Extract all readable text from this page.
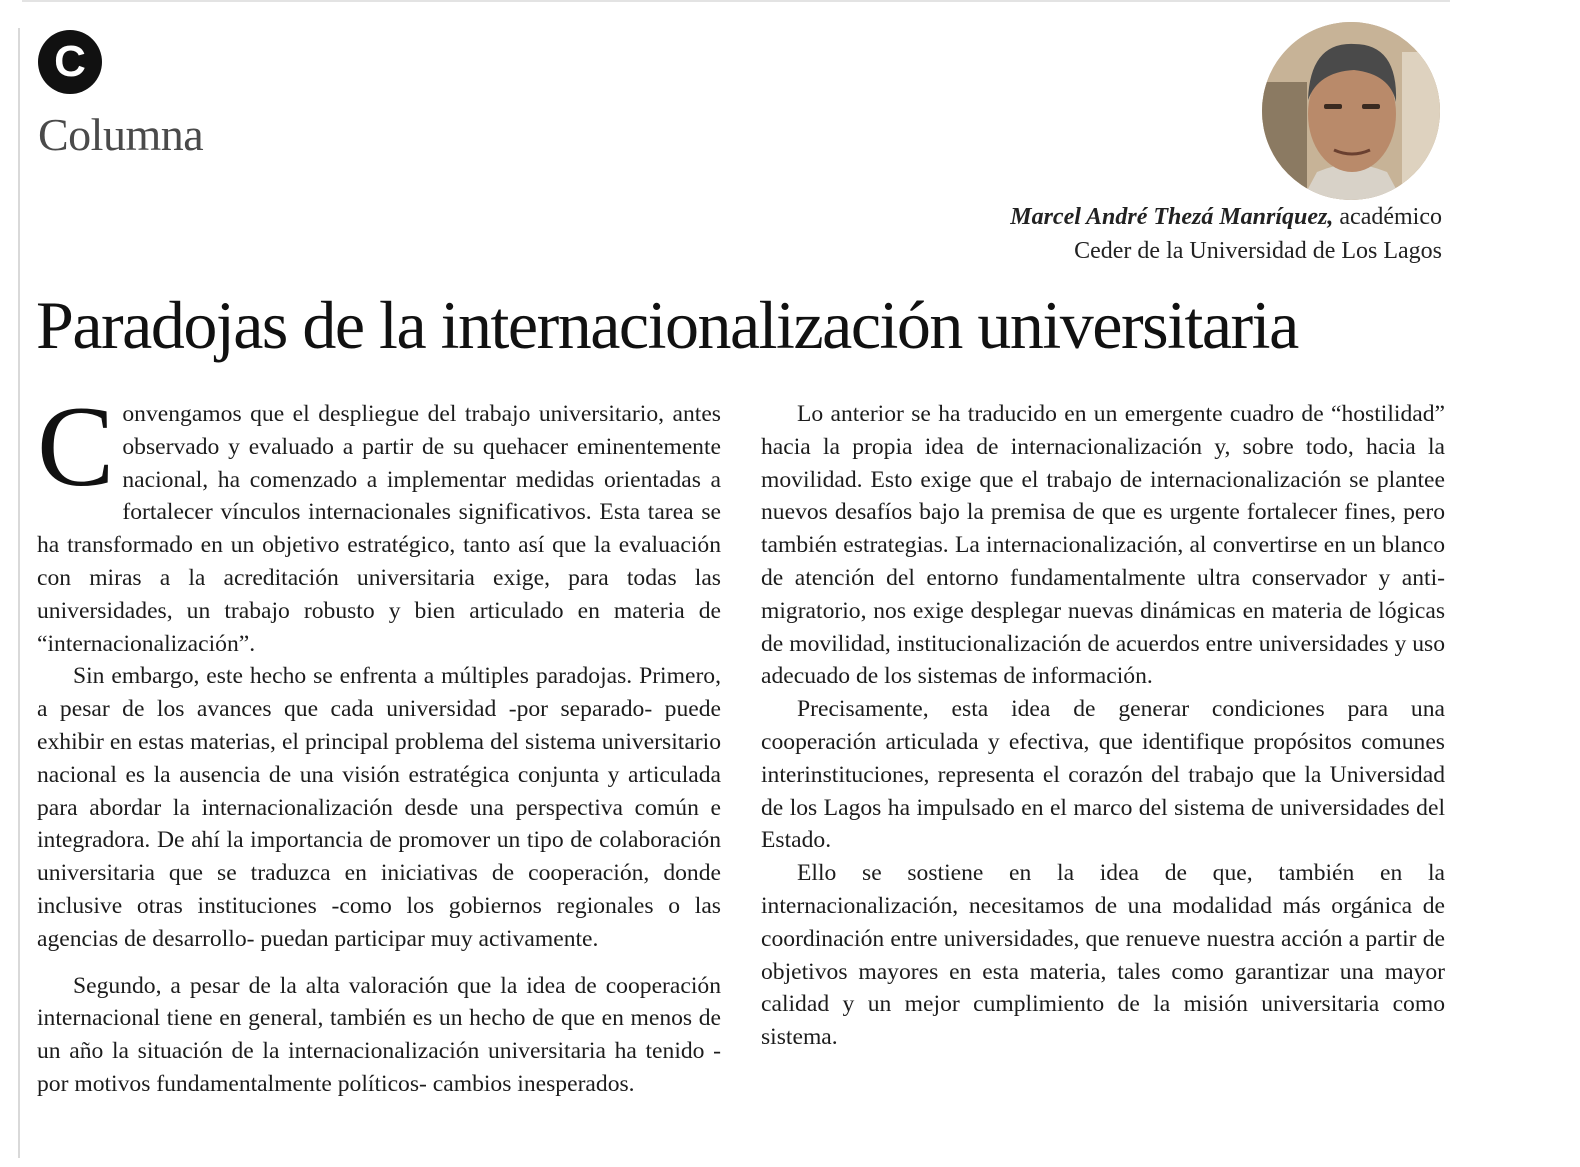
C
Columna
Marcel André Thezá Manríquez, académico
Ceder de la Universidad de Los Lagos
Paradojas de la internacionalización universitaria

Convengamos que el despliegue del trabajo universitario, antes observado y evaluado a partir de su quehacer eminentemente nacional, ha comenzado a implementar medidas orientadas a fortalecer vínculos internacionales significativos. Esta tarea se ha transformado en un objetivo estratégico, tanto así que la evaluación con miras a la acreditación universitaria exige, para todas las universidades, un trabajo robusto y bien articulado en materia de “internacionalización”.

Sin embargo, este hecho se enfrenta a múltiples paradojas. Primero, a pesar de los avances que cada universidad -por separado- puede exhibir en estas materias, el principal problema del sistema universitario nacional es la ausencia de una visión estratégica conjunta y articulada para abordar la internacionalización desde una perspectiva común e integradora. De ahí la importancia de promover un tipo de colaboración universitaria que se traduzca en iniciativas de cooperación, donde inclusive otras instituciones -como los gobiernos regionales o las agencias de desarrollo- puedan participar muy activamente.

Segundo, a pesar de la alta valoración que la idea de cooperación internacional tiene en general, también es un hecho de que en menos de un año la situación de la internacionalización universitaria ha tenido -por motivos fundamentalmente políticos- cambios inesperados.

Lo anterior se ha traducido en un emergente cuadro de “hostilidad” hacia la propia idea de internacionalización y, sobre todo, hacia la movilidad. Esto exige que el trabajo de internacionalización se plantee nuevos desafíos bajo la premisa de que es urgente fortalecer fines, pero también estrategias. La internacionalización, al convertirse en un blanco de atención del entorno fundamentalmente ultra conservador y anti-migratorio, nos exige desplegar nuevas dinámicas en materia de lógicas de movilidad, institucionalización de acuerdos entre universidades y uso adecuado de los sistemas de información.

Precisamente, esta idea de generar condiciones para una cooperación articulada y efectiva, que identifique propósitos comunes interinstituciones, representa el corazón del trabajo que la Universidad de los Lagos ha impulsado en el marco del sistema de universidades del Estado.

Ello se sostiene en la idea de que, también en la internacionalización, necesitamos de una modalidad más orgánica de coordinación entre universidades, que renueve nuestra acción a partir de objetivos mayores en esta materia, tales como garantizar una mayor calidad y un mejor cumplimiento de la misión universitaria como sistema.
